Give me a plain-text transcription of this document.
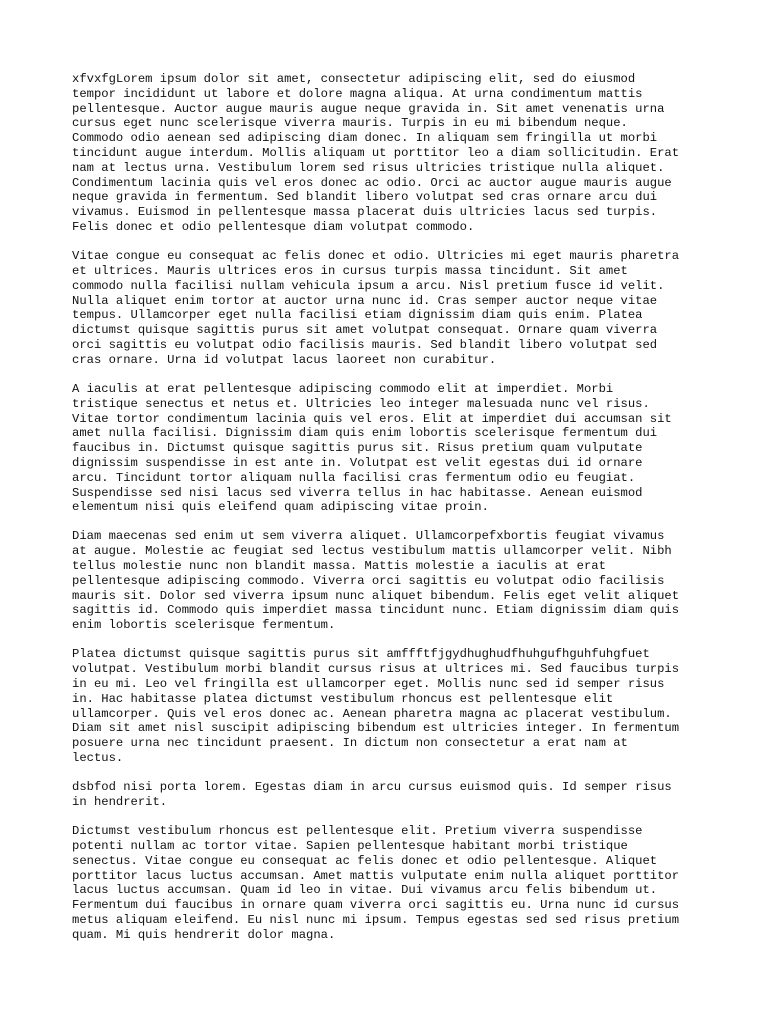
xfvxfgLorem ipsum dolor sit amet, consectetur adipiscing elit, sed do eiusmod
tempor incididunt ut labore et dolore magna aliqua. At urna condimentum mattis
pellentesque. Auctor augue mauris augue neque gravida in. Sit amet venenatis urna
cursus eget nunc scelerisque viverra mauris. Turpis in eu mi bibendum neque.
Commodo odio aenean sed adipiscing diam donec. In aliquam sem fringilla ut morbi
tincidunt augue interdum. Mollis aliquam ut porttitor leo a diam sollicitudin. Erat
nam at lectus urna. Vestibulum lorem sed risus ultricies tristique nulla aliquet.
Condimentum lacinia quis vel eros donec ac odio. Orci ac auctor augue mauris augue
neque gravida in fermentum. Sed blandit libero volutpat sed cras ornare arcu dui
vivamus. Euismod in pellentesque massa placerat duis ultricies lacus sed turpis.
Felis donec et odio pellentesque diam volutpat commodo.

Vitae congue eu consequat ac felis donec et odio. Ultricies mi eget mauris pharetra
et ultrices. Mauris ultrices eros in cursus turpis massa tincidunt. Sit amet
commodo nulla facilisi nullam vehicula ipsum a arcu. Nisl pretium fusce id velit.
Nulla aliquet enim tortor at auctor urna nunc id. Cras semper auctor neque vitae
tempus. Ullamcorper eget nulla facilisi etiam dignissim diam quis enim. Platea
dictumst quisque sagittis purus sit amet volutpat consequat. Ornare quam viverra
orci sagittis eu volutpat odio facilisis mauris. Sed blandit libero volutpat sed
cras ornare. Urna id volutpat lacus laoreet non curabitur.

A iaculis at erat pellentesque adipiscing commodo elit at imperdiet. Morbi
tristique senectus et netus et. Ultricies leo integer malesuada nunc vel risus.
Vitae tortor condimentum lacinia quis vel eros. Elit at imperdiet dui accumsan sit
amet nulla facilisi. Dignissim diam quis enim lobortis scelerisque fermentum dui
faucibus in. Dictumst quisque sagittis purus sit. Risus pretium quam vulputate
dignissim suspendisse in est ante in. Volutpat est velit egestas dui id ornare
arcu. Tincidunt tortor aliquam nulla facilisi cras fermentum odio eu feugiat.
Suspendisse sed nisi lacus sed viverra tellus in hac habitasse. Aenean euismod
elementum nisi quis eleifend quam adipiscing vitae proin.

Diam maecenas sed enim ut sem viverra aliquet. Ullamcorpefxbortis feugiat vivamus
at augue. Molestie ac feugiat sed lectus vestibulum mattis ullamcorper velit. Nibh
tellus molestie nunc non blandit massa. Mattis molestie a iaculis at erat
pellentesque adipiscing commodo. Viverra orci sagittis eu volutpat odio facilisis
mauris sit. Dolor sed viverra ipsum nunc aliquet bibendum. Felis eget velit aliquet
sagittis id. Commodo quis imperdiet massa tincidunt nunc. Etiam dignissim diam quis
enim lobortis scelerisque fermentum.

Platea dictumst quisque sagittis purus sit amffftfjgydhughudfhuhgufhguhfuhgfuet
volutpat. Vestibulum morbi blandit cursus risus at ultrices mi. Sed faucibus turpis
in eu mi. Leo vel fringilla est ullamcorper eget. Mollis nunc sed id semper risus
in. Hac habitasse platea dictumst vestibulum rhoncus est pellentesque elit
ullamcorper. Quis vel eros donec ac. Aenean pharetra magna ac placerat vestibulum.
Diam sit amet nisl suscipit adipiscing bibendum est ultricies integer. In fermentum
posuere urna nec tincidunt praesent. In dictum non consectetur a erat nam at
lectus.

dsbfod nisi porta lorem. Egestas diam in arcu cursus euismod quis. Id semper risus
in hendrerit.

Dictumst vestibulum rhoncus est pellentesque elit. Pretium viverra suspendisse
potenti nullam ac tortor vitae. Sapien pellentesque habitant morbi tristique
senectus. Vitae congue eu consequat ac felis donec et odio pellentesque. Aliquet
porttitor lacus luctus accumsan. Amet mattis vulputate enim nulla aliquet porttitor
lacus luctus accumsan. Quam id leo in vitae. Dui vivamus arcu felis bibendum ut.
Fermentum dui faucibus in ornare quam viverra orci sagittis eu. Urna nunc id cursus
metus aliquam eleifend. Eu nisl nunc mi ipsum. Tempus egestas sed sed risus pretium
quam. Mi quis hendrerit dolor magna.
